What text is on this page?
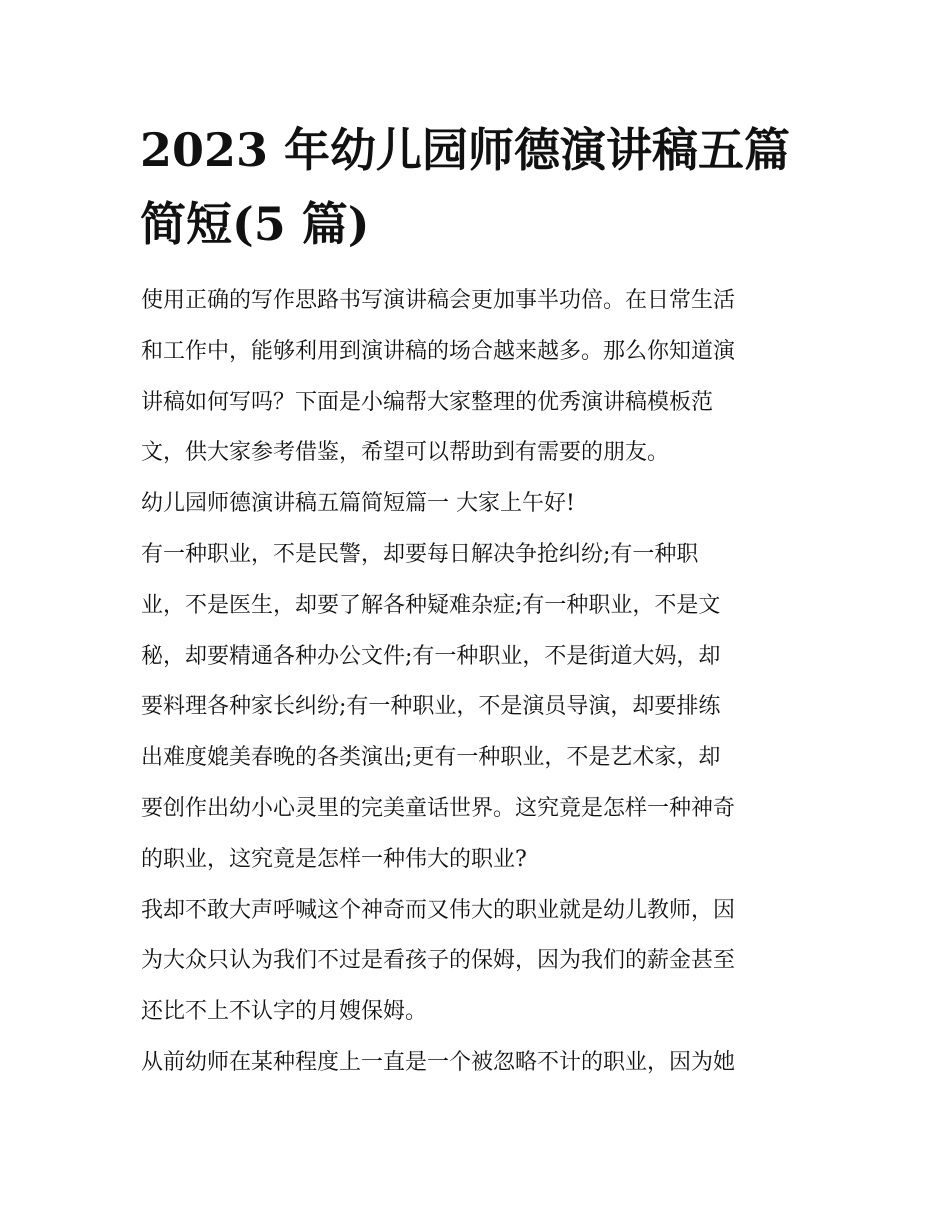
2023 年幼儿园师德演讲稿五篇
简短(5 篇)
使用正确的写作思路书写演讲稿会更加事半功倍。在日常生活
和工作中，能够利用到演讲稿的场合越来越多。那么你知道演
讲稿如何写吗？下面是小编帮大家整理的优秀演讲稿模板范
文，供大家参考借鉴，希望可以帮助到有需要的朋友。
幼儿园师德演讲稿五篇简短篇一 大家上午好!
有一种职业，不是民警，却要每日解决争抢纠纷;有一种职
业，不是医生，却要了解各种疑难杂症;有一种职业，不是文
秘，却要精通各种办公文件;有一种职业，不是街道大妈，却
要料理各种家长纠纷;有一种职业，不是演员导演，却要排练
出难度媲美春晚的各类演出;更有一种职业，不是艺术家，却
要创作出幼小心灵里的完美童话世界。这究竟是怎样一种神奇
的职业，这究竟是怎样一种伟大的职业?
我却不敢大声呼喊这个神奇而又伟大的职业就是幼儿教师，因
为大众只认为我们不过是看孩子的保姆，因为我们的薪金甚至
还比不上不认字的月嫂保姆。
从前幼师在某种程度上一直是一个被忽略不计的职业，因为她
